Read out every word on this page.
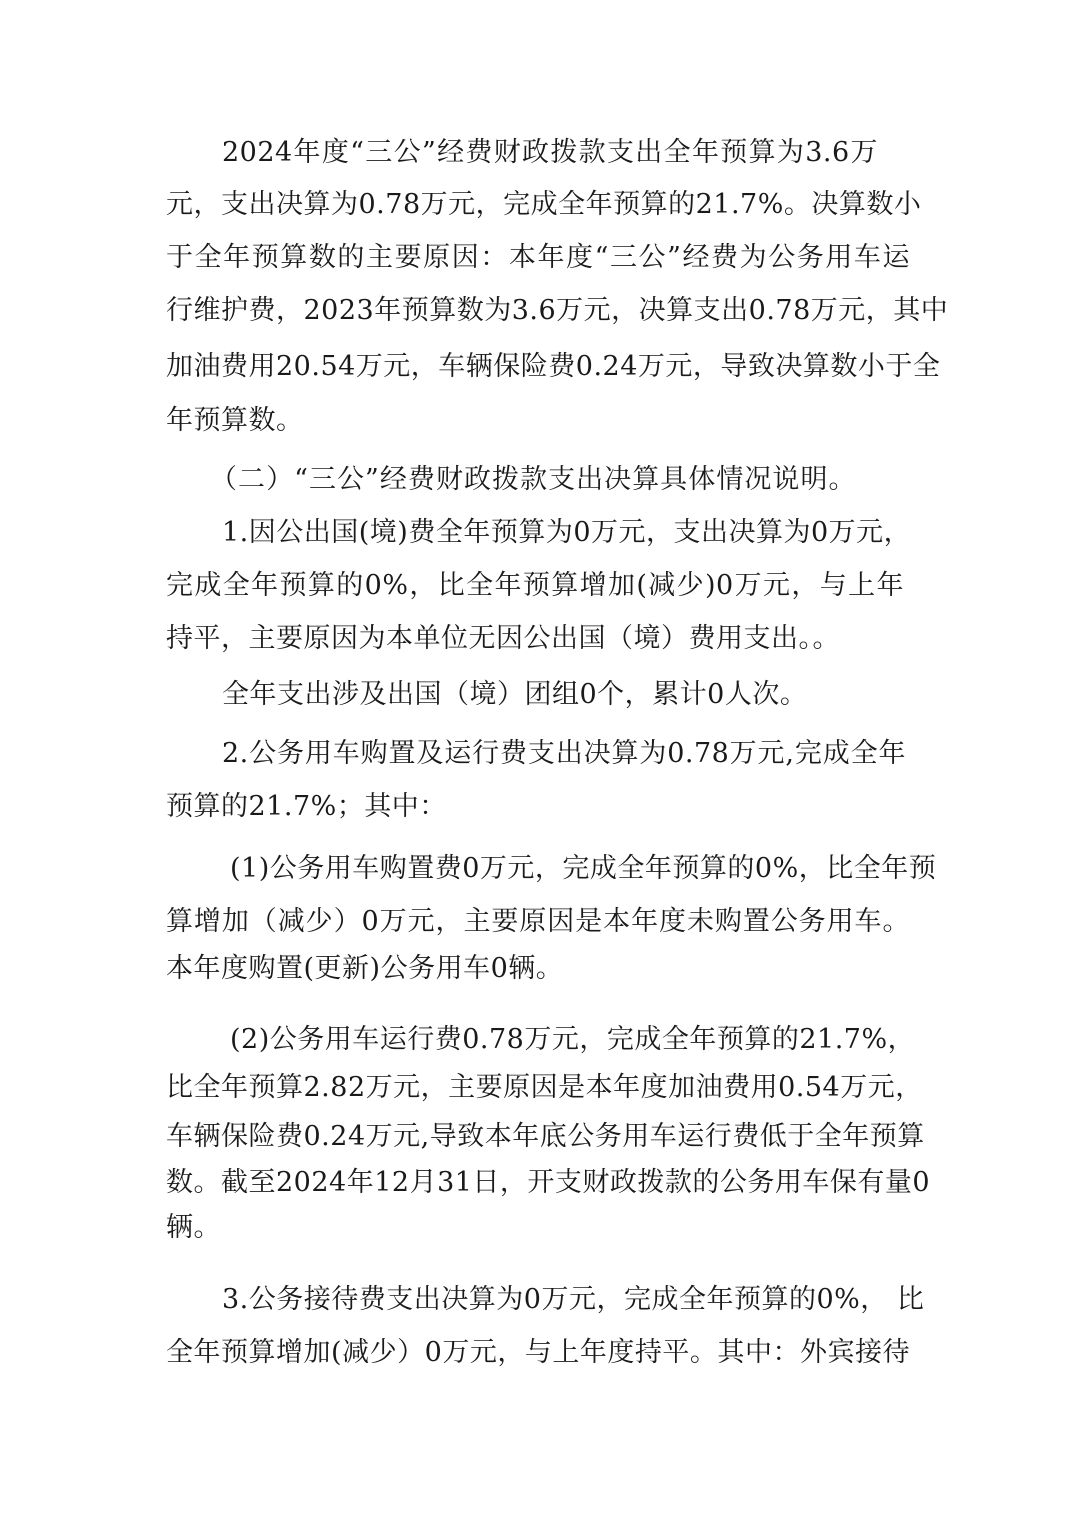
2024年度“三公”经费财政拨款支出全年预算为3.6万
元，支出决算为0.78万元，完成全年预算的21.7%。决算数小
于全年预算数的主要原因：本年度“三公”经费为公务用车运
行维护费，2023年预算数为3.6万元，决算支出0.78万元，其中
加油费用20.54万元，车辆保险费0.24万元，导致决算数小于全
年预算数。
（二）“三公”经费财政拨款支出决算具体情况说明。
1.因公出国(境)费全年预算为0万元，支出决算为0万元，
完成全年预算的0%，比全年预算增加(减少)0万元，与上年
持平，主要原因为本单位无因公出国（境）费用支出。。
全年支出涉及出国（境）团组0个，累计0人次。
2.公务用车购置及运行费支出决算为0.78万元,完成全年
预算的21.7%；其中：
(1)公务用车购置费0万元，完成全年预算的0%，比全年预
算增加（减少）0万元，主要原因是本年度未购置公务用车。
本年度购置(更新)公务用车0辆。
(2)公务用车运行费0.78万元，完成全年预算的21.7%，
比全年预算2.82万元，主要原因是本年度加油费用0.54万元，
车辆保险费0.24万元,导致本年底公务用车运行费低于全年预算
数。截至2024年12月31日，开支财政拨款的公务用车保有量0
辆。
3.公务接待费支出决算为0万元，完成全年预算的0%， 比
全年预算增加(减少）0万元，与上年度持平。其中：外宾接待
